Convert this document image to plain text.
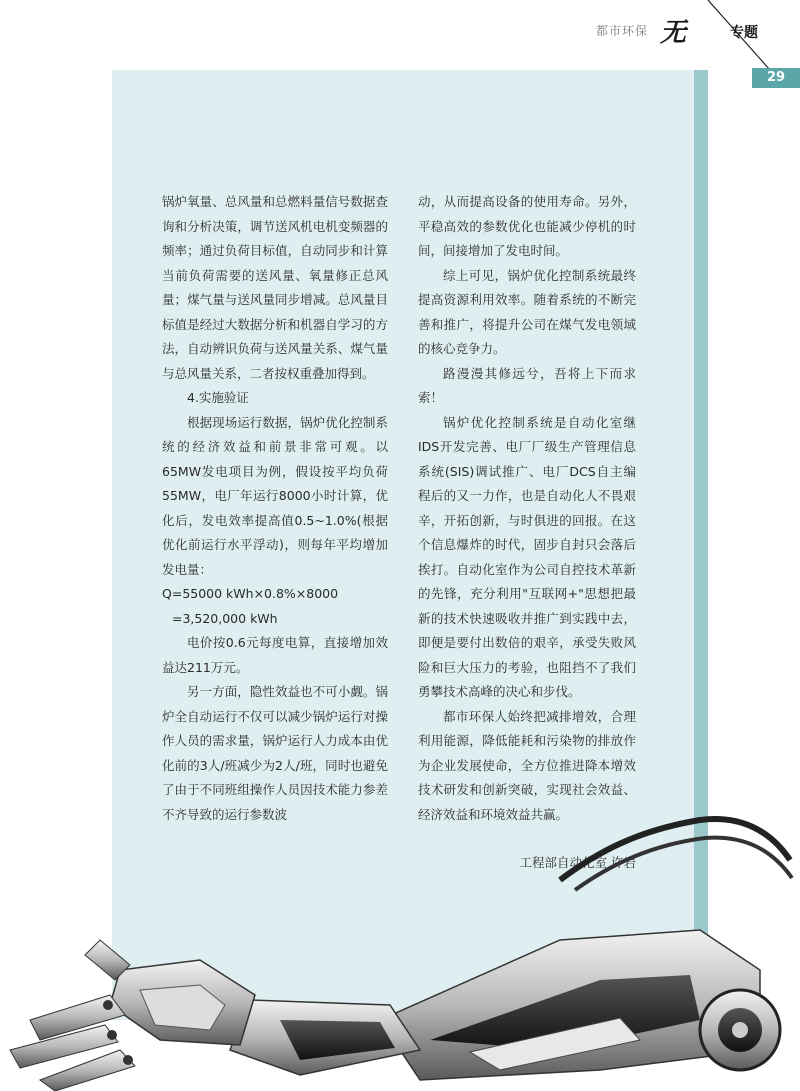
都市环保 无	专题
29

锅炉氧量、总风量和总燃料量信号数据查询和分析决策，调节送风机电机变频器的频率；通过负荷目标值，自动同步和计算当前负荷需要的送风量、氧量修正总风量；煤气量与送风量同步增减。总风量目标值是经过大数据分析和机器自学习的方法，自动辨识负荷与送风量关系、煤气量与总风量关系，二者按权重叠加得到。

4.实施验证

根据现场运行数据，锅炉优化控制系统的经济效益和前景非常可观。以65MW发电项目为例，假设按平均负荷55MW，电厂年运行8000小时计算，优化后，发电效率提高值0.5~1.0%(根据优化前运行水平浮动)，则每年平均增加发电量：

Q=55000 kWh×0.8%×8000

=3,520,000 kWh

电价按0.6元每度电算，直接增加效益达211万元。

另一方面，隐性效益也不可小觑。锅炉全自动运行不仅可以减少锅炉运行对操作人员的需求量，锅炉运行人力成本由优化前的3人/班减少为2人/班，同时也避免了由于不同班组操作人员因技术能力参差不齐导致的运行参数波

动，从而提高设备的使用寿命。另外，平稳高效的参数优化也能减少停机的时间，间接增加了发电时间。

综上可见，锅炉优化控制系统最终提高资源利用效率。随着系统的不断完善和推广，将提升公司在煤气发电领域的核心竞争力。

路漫漫其修远兮，吾将上下而求索！

锅炉优化控制系统是自动化室继IDS开发完善、电厂厂级生产管理信息系统(SIS)调试推广、电厂DCS自主编程后的又一力作，也是自动化人不畏艰辛，开拓创新，与时俱进的回报。在这个信息爆炸的时代，固步自封只会落后挨打。自动化室作为公司自控技术革新的先锋，充分利用"互联网+"思想把最新的技术快速吸收并推广到实践中去，即便是要付出数倍的艰辛，承受失败风险和巨大压力的考验，也阻挡不了我们勇攀技术高峰的决心和步伐。

都市环保人始终把减排增效，合理利用能源，降低能耗和污染物的排放作为企业发展使命，全方位推进降本增效技术研发和创新突破，实现社会效益、经济效益和环境效益共赢。

工程部自动化室 许岩
